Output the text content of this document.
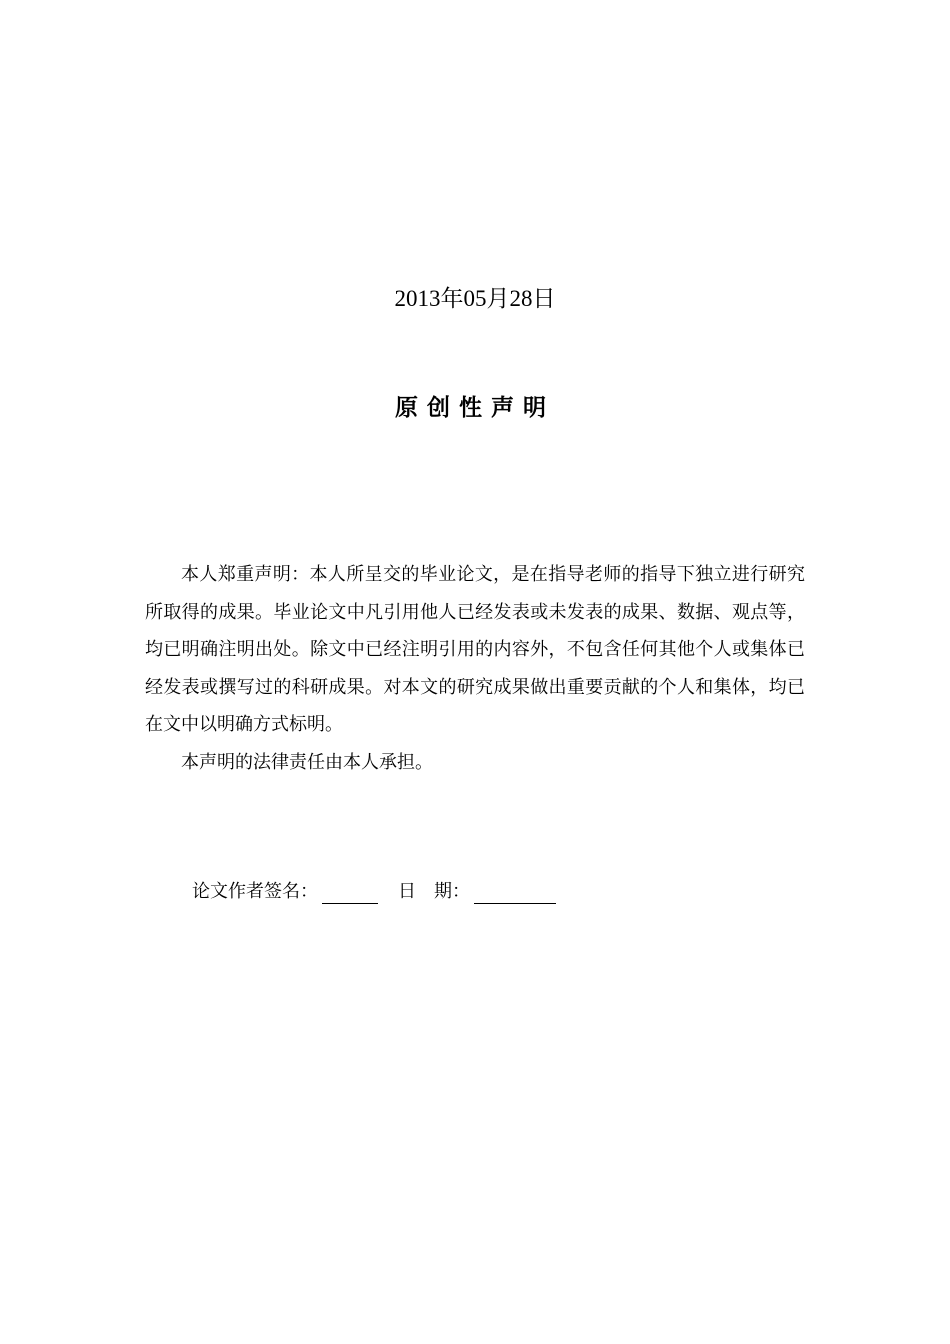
2013年05月28日
原创性声明

本人郑重声明：本人所呈交的毕业论文，是在指导老师的指导下独立进行研究所取得的成果。毕业论文中凡引用他人已经发表或未发表的成果、数据、观点等，均已明确注明出处。除文中已经注明引用的内容外，不包含任何其他个人或集体已经发表或撰写过的科研成果。对本文的研究成果做出重要贡献的个人和集体，均已在文中以明确方式标明。

本声明的法律责任由本人承担。

论文作者签名：	日　期：
